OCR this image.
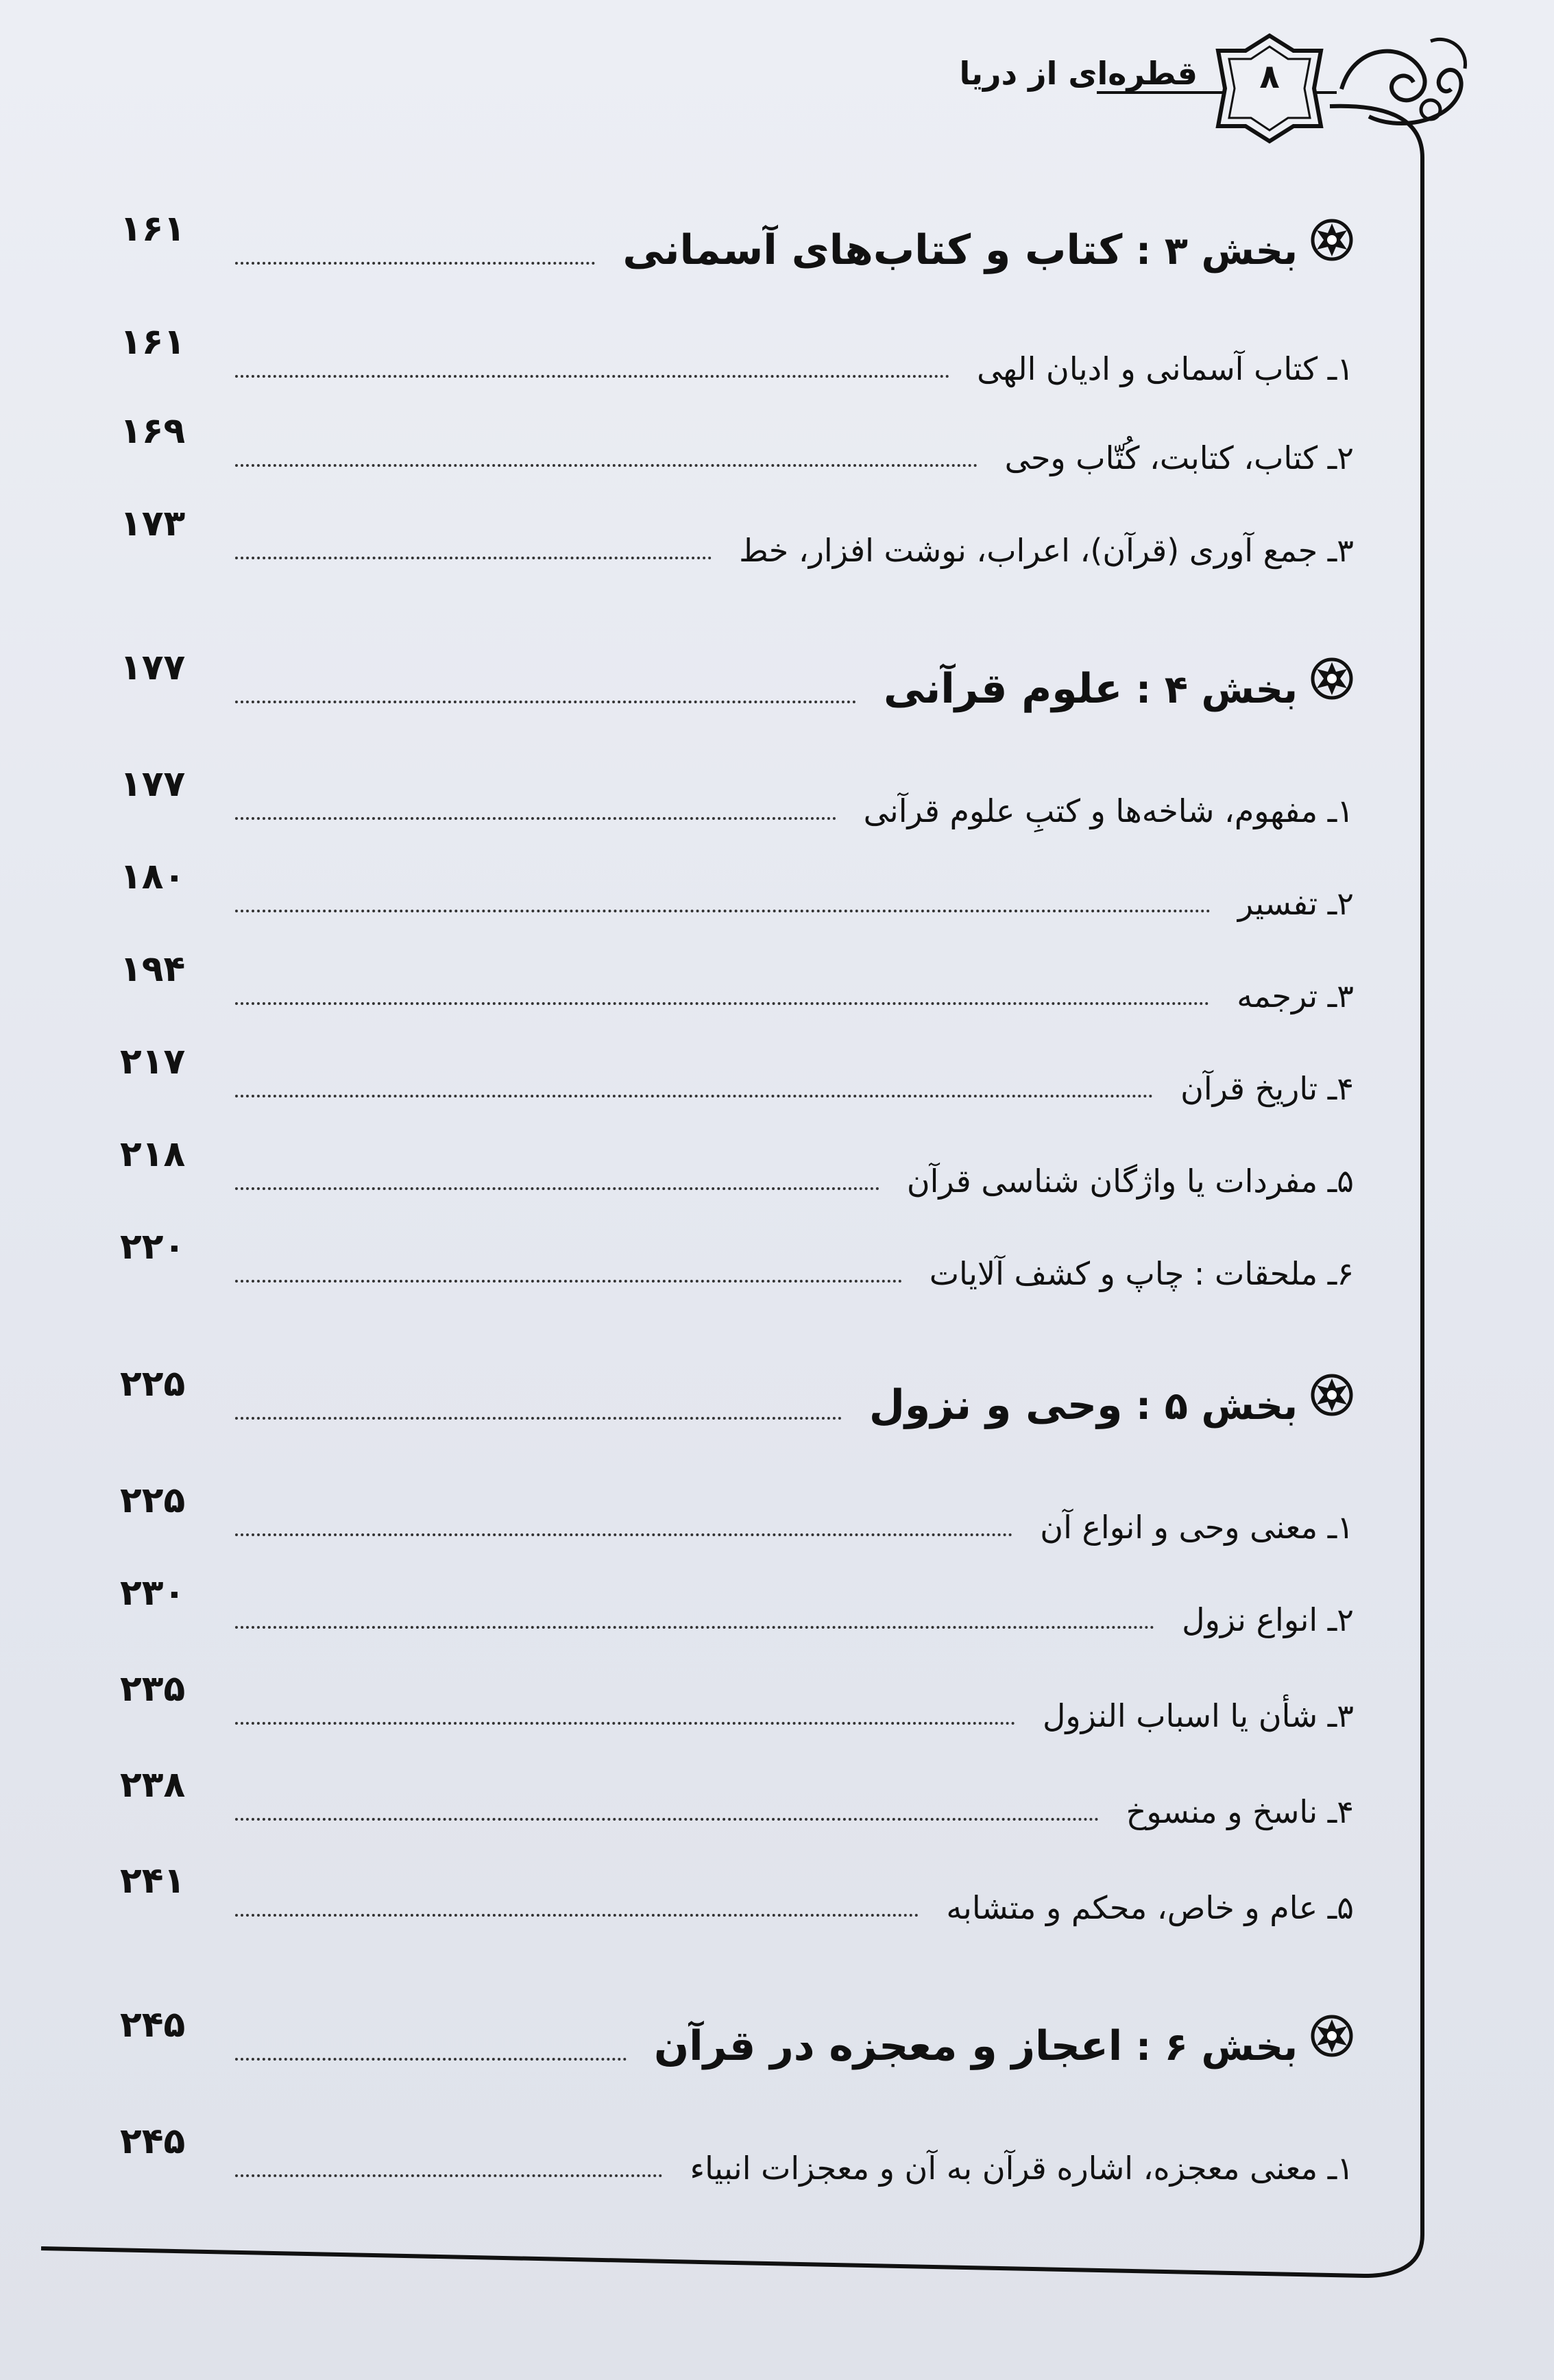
۸
قطره‌ای از دریا
بخش ۳ : کتاب و کتاب‌های آسمانی
۱۶۱
۱ـ کتاب آسمانی و ادیان الهی
۱۶۱
۲ـ کتاب، کتابت، کُتّاب وحی
۱۶۹
۳ـ جمع آوری (قرآن)، اعراب، نوشت افزار، خط
۱۷۳
بخش ۴ : علوم قرآنی
۱۷۷
۱ـ مفهوم، شاخه‌ها و کتبِ علوم قرآنی
۱۷۷
۲ـ تفسیر
۱۸۰
۳ـ ترجمه
۱۹۴
۴ـ تاریخ قرآن
۲۱۷
۵ـ مفردات یا واژگان شناسی قرآن
۲۱۸
۶ـ ملحقات : چاپ و کشف آلایات
۲۲۰
بخش ۵ : وحی و نزول
۲۲۵
۱ـ معنی وحی و انواع آن
۲۲۵
۲ـ انواع نزول
۲۳۰
۳ـ شأن یا اسباب النزول
۲۳۵
۴ـ ناسخ و منسوخ
۲۳۸
۵ـ عام و خاص، محکم و متشابه
۲۴۱
بخش ۶ : اعجاز و معجزه در قرآن
۲۴۵
۱ـ معنی معجزه، اشاره قرآن به آن و معجزات انبیاء
۲۴۵
